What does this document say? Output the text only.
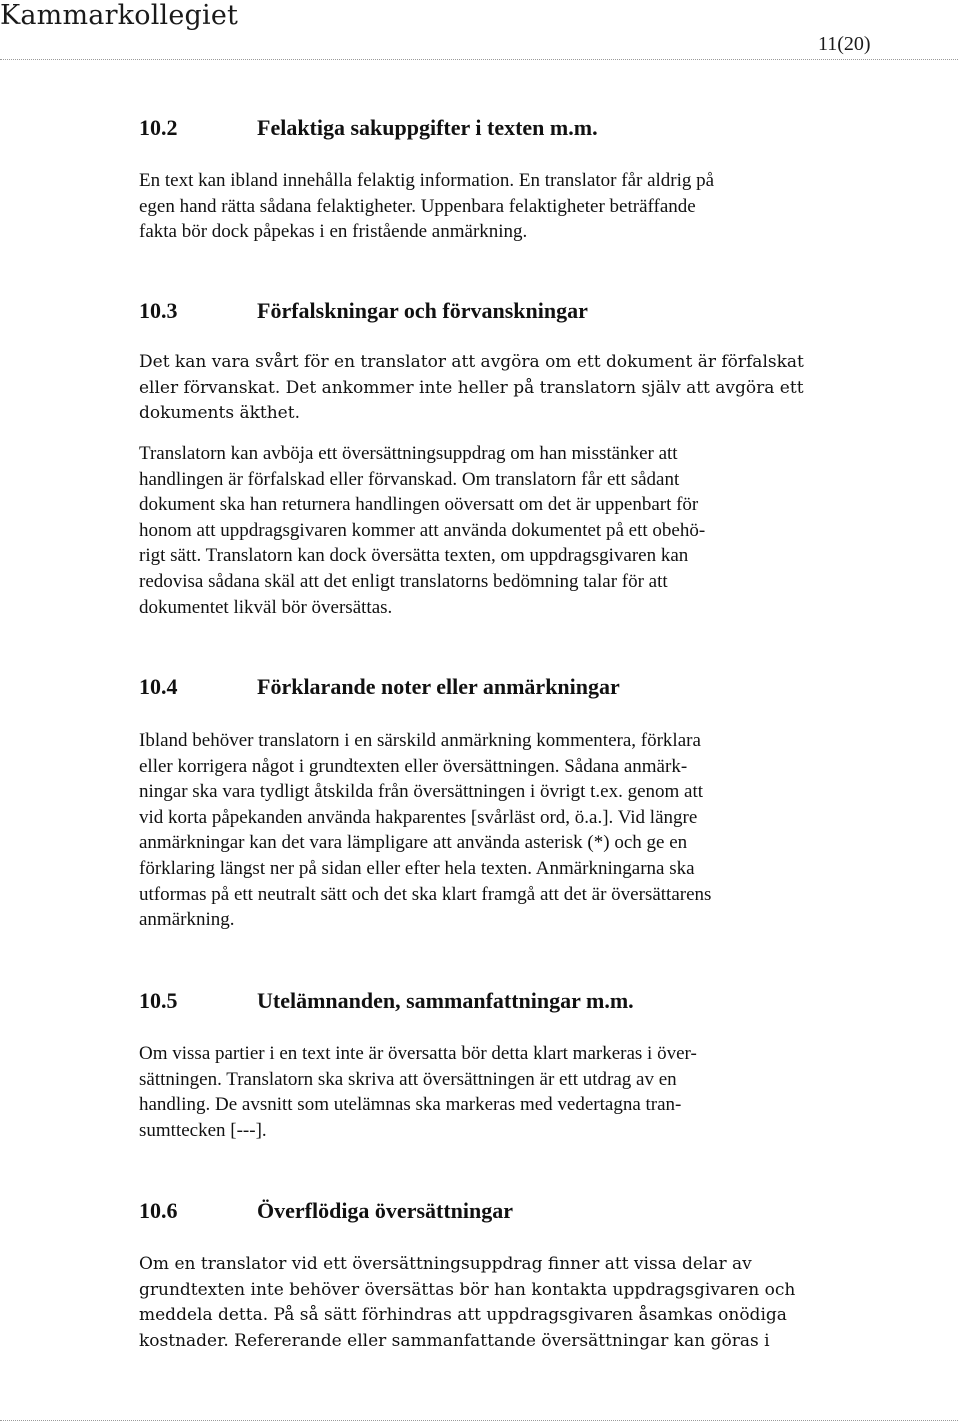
Kammarkollegiet
11(20)
10.2	Felaktiga sakuppgifter i texten m.m.
En text kan ibland innehålla felaktig information. En translator får aldrig på
egen hand rätta sådana felaktigheter. Uppenbara felaktigheter beträffande
fakta bör dock påpekas i en fristående anmärkning.
10.3	Förfalskningar och förvanskningar
Det kan vara svårt för en translator att avgöra om ett dokument är förfalskat
eller förvanskat. Det ankommer inte heller på translatorn själv att avgöra ett
dokuments äkthet.
Translatorn kan avböja ett översättningsuppdrag om han misstänker att
handlingen är förfalskad eller förvanskad. Om translatorn får ett sådant
dokument ska han returnera handlingen oöversatt om det är uppenbart för
honom att uppdragsgivaren kommer att använda dokumentet på ett obehö-
rigt sätt. Translatorn kan dock översätta texten, om uppdragsgivaren kan
redovisa sådana skäl att det enligt translatorns bedömning talar för att
dokumentet likväl bör översättas.
10.4	Förklarande noter eller anmärkningar
Ibland behöver translatorn i en särskild anmärkning kommentera, förklara
eller korrigera något i grundtexten eller översättningen. Sådana anmärk-
ningar ska vara tydligt åtskilda från översättningen i övrigt t.ex. genom att
vid korta påpekanden använda hakparentes [svårläst ord, ö.a.]. Vid längre
anmärkningar kan det vara lämpligare att använda asterisk (*) och ge en
förklaring längst ner på sidan eller efter hela texten. Anmärkningarna ska
utformas på ett neutralt sätt och det ska klart framgå att det är översättarens
anmärkning.
10.5	Utelämnanden, sammanfattningar m.m.
Om vissa partier i en text inte är översatta bör detta klart markeras i över-
sättningen. Translatorn ska skriva att översättningen är ett utdrag av en
handling. De avsnitt som utelämnas ska markeras med vedertagna tran-
sumttecken [---].
10.6	Överflödiga översättningar
Om en translator vid ett översättningsuppdrag finner att vissa delar av
grundtexten inte behöver översättas bör han kontakta uppdragsgivaren och
meddela detta. På så sätt förhindras att uppdragsgivaren åsamkas onödiga
kostnader. Refererande eller sammanfattande översättningar kan göras i
